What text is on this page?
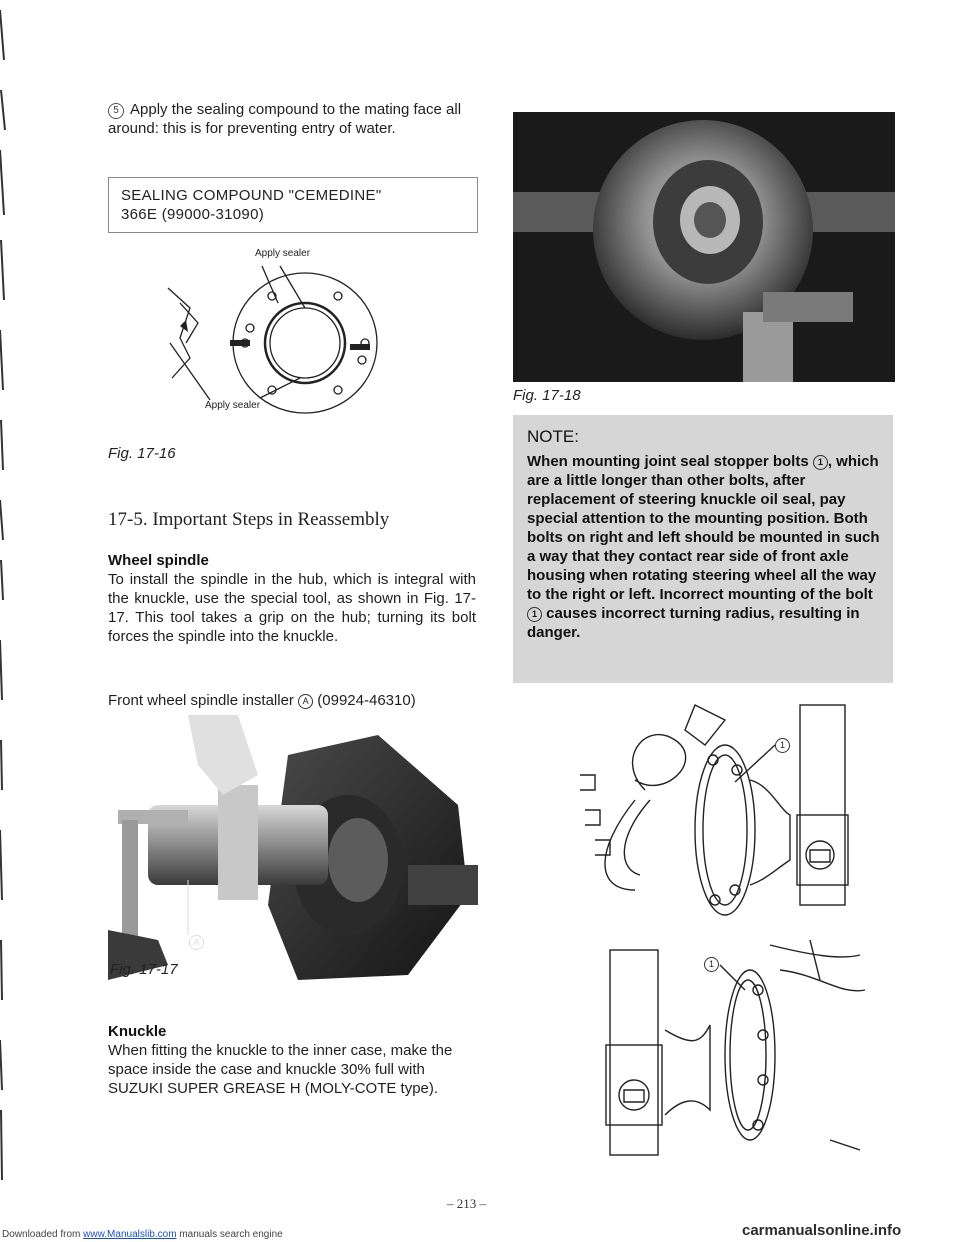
5 Apply the sealing compound to the mating face all around: this is for preventing entry of water.
SEALING COMPOUND "CEMEDINE"
366E (99000-31090)
Apply sealer
Apply sealer
Fig. 17-16
17-5. Important Steps in Reassembly
Wheel spindle
To install the spindle in the hub, which is integral with the knuckle, use the special tool, as shown in Fig. 17-17. This tool takes a grip on the hub; turning its bolt forces the spindle into the knuckle.
Front wheel spindle installer A (09924-46310)
A
Fig. 17-17
Knuckle
When fitting the knuckle to the inner case, make the space inside the case and knuckle 30% full with SUZUKI SUPER GREASE H (MOLY-COTE type).
Fig. 17-18
NOTE:
When mounting joint seal stopper bolts 1 , which are a little longer than other bolts, after replacement of steering knuckle oil seal, pay special attention to the mounting position. Both bolts on right and left should be mounted in such a way that they contact rear side of front axle housing when rotating steering wheel all the way to the right or left. Incorrect mounting of the bolt 1 causes incorrect turning radius, resulting in danger.
1
1
– 213 –
Downloaded from www.Manualslib.com manuals search engine	carmanualsonline.info
